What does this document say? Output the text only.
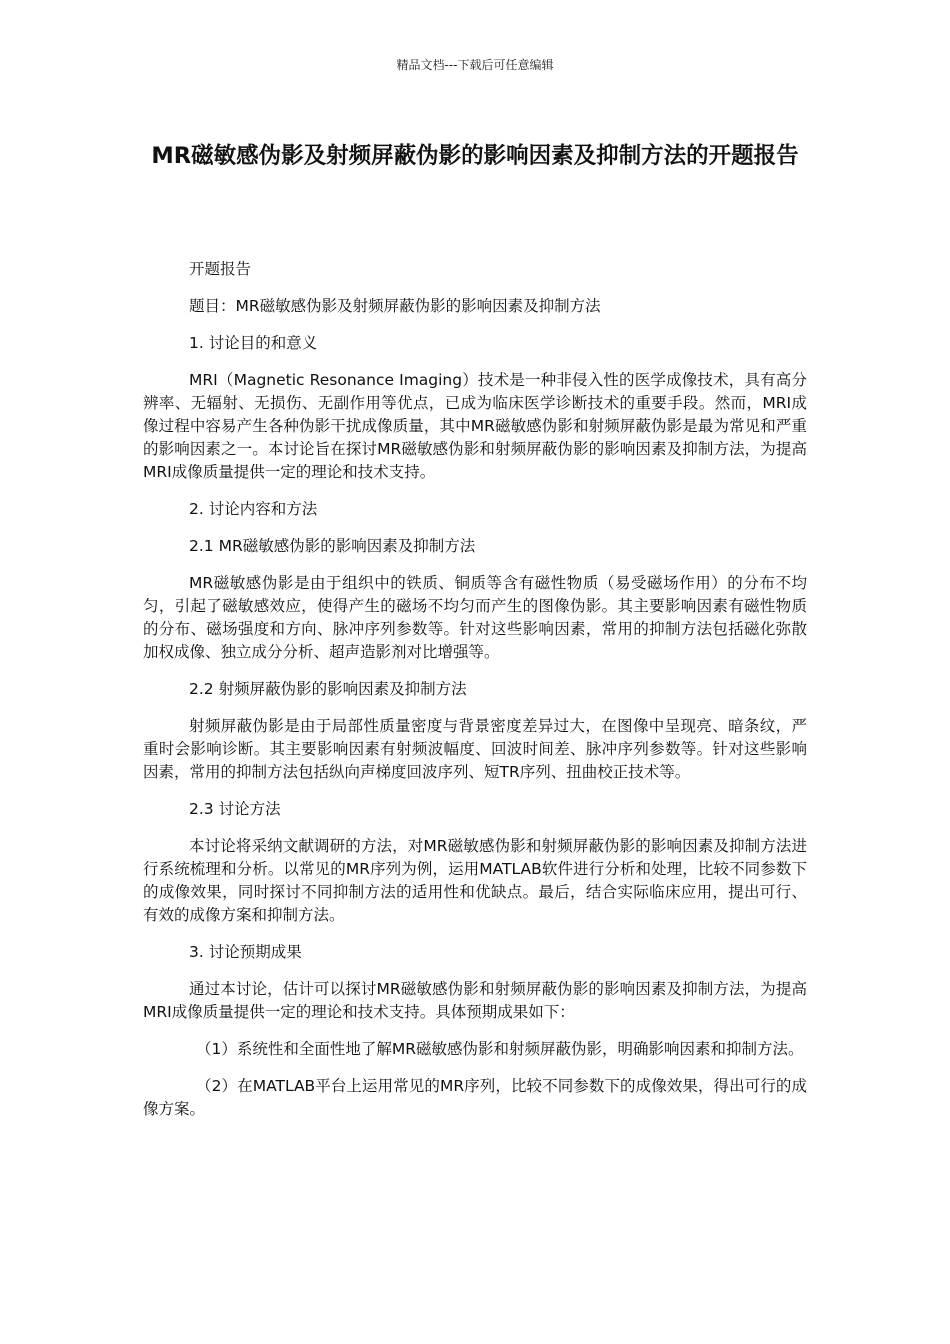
精品文档---下载后可任意编辑
MR磁敏感伪影及射频屏蔽伪影的影响因素及抑制方法的开题报告

开题报告

题目：MR磁敏感伪影及射频屏蔽伪影的影响因素及抑制方法

1. 讨论目的和意义

MRI（Magnetic Resonance Imaging）技术是一种非侵入性的医学成像技术，具有高分辨率、无辐射、无损伤、无副作用等优点，已成为临床医学诊断技术的重要手段。然而，MRI成像过程中容易产生各种伪影干扰成像质量，其中MR磁敏感伪影和射频屏蔽伪影是最为常见和严重的影响因素之一。本讨论旨在探讨MR磁敏感伪影和射频屏蔽伪影的影响因素及抑制方法，为提高MRI成像质量提供一定的理论和技术支持。

2. 讨论内容和方法

2.1 MR磁敏感伪影的影响因素及抑制方法

MR磁敏感伪影是由于组织中的铁质、铜质等含有磁性物质（易受磁场作用）的分布不均匀，引起了磁敏感效应，使得产生的磁场不均匀而产生的图像伪影。其主要影响因素有磁性物质的分布、磁场强度和方向、脉冲序列参数等。针对这些影响因素，常用的抑制方法包括磁化弥散加权成像、独立成分分析、超声造影剂对比增强等。

2.2 射频屏蔽伪影的影响因素及抑制方法

射频屏蔽伪影是由于局部性质量密度与背景密度差异过大，在图像中呈现亮、暗条纹，严重时会影响诊断。其主要影响因素有射频波幅度、回波时间差、脉冲序列参数等。针对这些影响因素，常用的抑制方法包括纵向声梯度回波序列、短TR序列、扭曲校正技术等。

2.3 讨论方法

本讨论将采纳文献调研的方法，对MR磁敏感伪影和射频屏蔽伪影的影响因素及抑制方法进行系统梳理和分析。以常见的MR序列为例，运用MATLAB软件进行分析和处理，比较不同参数下的成像效果，同时探讨不同抑制方法的适用性和优缺点。最后，结合实际临床应用，提出可行、有效的成像方案和抑制方法。

3. 讨论预期成果

通过本讨论，估计可以探讨MR磁敏感伪影和射频屏蔽伪影的影响因素及抑制方法，为提高MRI成像质量提供一定的理论和技术支持。具体预期成果如下：

（1）系统性和全面性地了解MR磁敏感伪影和射频屏蔽伪影，明确影响因素和抑制方法。

（2）在MATLAB平台上运用常见的MR序列，比较不同参数下的成像效果，得出可行的成像方案。
